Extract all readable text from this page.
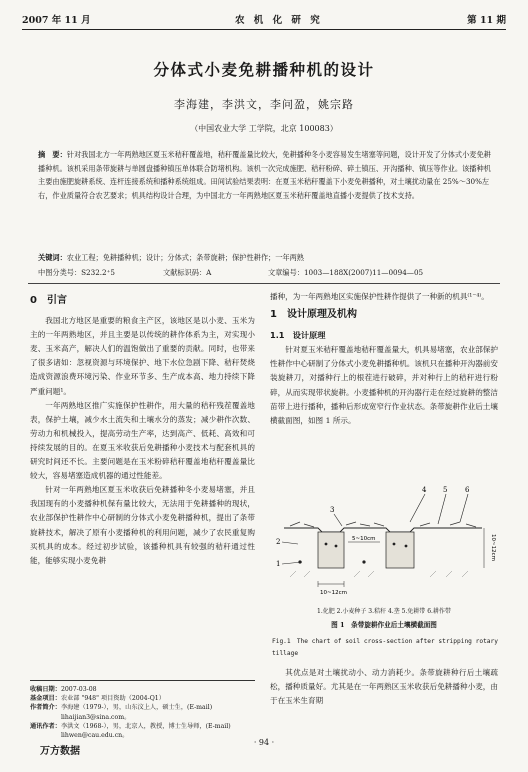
2007 年 11 月	农 机 化 研 究	第 11 期
分体式小麦免耕播种机的设计
李海建，李洪文，李问盈，姚宗路
（中国农业大学 工学院，北京 100083）
摘　要：针对我国北方一年两熟地区夏玉米秸秆覆盖地，秸秆覆盖量比较大，免耕播种冬小麦容易发生堵塞等问题，设计开发了分体式小麦免耕播种机。该机采用条带旋耕与单圆盘播种镇压单体联合防堵机构。该机一次完成施肥、秸秆粉碎、碎土镇压、开沟播种、镇压等作业。该播种机主要由施肥旋耕系统、连杆连接系统和播种系统组成。田间试验结果表明：在夏玉米秸秆覆盖下小麦免耕播种，对土壤扰动量在 25%～30%左右，作业质量符合农艺要求；机具结构设计合理，为中国北方一年两熟地区夏玉米秸秆覆盖地直播小麦提供了技术支持。
关键词：农业工程；免耕播种机；设计；分体式；条带旋耕；保护性耕作；一年两熟
中图分类号：S232.2⁺5	文献标识码：A	文章编号：1003—188X(2007)11—0094—05
0　引言

我国北方地区是重要的粮食主产区，该地区是以小麦、玉米为主的一年两熟地区，并且主要是以传统的耕作体系为主，对实现小麦、玉米高产，解决人们的温饱做出了重要的贡献。同时，也带来了很多诸如：忽视资源与环境保护、地下水位急剧下降、秸秆焚烧造成资源浪费环境污染、作业环节多、生产成本高、地力持续下降严重问题¹。

一年两熟地区推广实施保护性耕作，用大量的秸秆残茬覆盖地表，保护土壤，减少水土流失和土壤水分的蒸发；减少耕作次数、劳动力和机械投入，提高劳动生产率，达到高产、低耗、高效和可持续发展的目的。在夏玉米收获后免耕播种小麦技术与配套机具的研究时间还不长。主要问题是在玉米粉碎秸秆覆盖地秸秆覆盖量比较大，容易堵塞造成机器的通过性能差。

针对一年两熟地区夏玉米收获后免耕播种冬小麦易堵塞，并且我国现有的小麦播种机保有量比较大，无法用于免耕播种的现状，农业部保护性耕作中心研制的分体式小麦免耕播种机，提出了条带旋耕技术，解决了原有小麦播种机的利用问题，减少了农民重复购买机具的成本。经过初步试验，该播种机具有较强的秸秆通过性能，能够实现小麦免耕

播种，为一年两熟地区实施保护性耕作提供了一种新的机具⁽¹⁻⁴⁾。

1　设计原理及机构
1.1　设计原理

针对夏玉米秸秆覆盖地秸秆覆盖量大，机具易堵塞，农业部保护性耕作中心研制了分体式小麦免耕播种机。该机只在播种开沟器前安装旋耕刀，对播种行上的根茬进行破碎，并对种行上的秸秆进行粉碎，从而实现带状旋耕。小麦播种机的开沟器行走在经过旋耕的整洁苗带上进行播种，播种后形成宽窄行作业状态。条带旋耕作业后土壤横截面图，如图 1 所示。

4 5	6
3
2
1
10~12cm
5~10cm	10~12cm
1.化肥 2.小麦种子 3.秸秆 4.垄 5.免耕带 6.耕作带
图 1　条带旋耕作业后土壤横截面图
Fig.1　The chart of soil cross-section after stripping rotary tillage

其优点是对土壤扰动小、动力消耗少。条带旋耕种行后土壤疏松，播种质量好。尤其是在一年两熟区玉米收获后免耕播种小麦，由于在玉米生育期

收稿日期： 2007-03-08
基金项目： 农业部 "948" 项目资助（2004-Q1）
作者简介： 李海建（1979-），男，山东汶上人，硕士生，(E-mail) lihaijian3@sina.com。
通讯作者： 李洪文（1968-），男，北京人，教授，博士生导师，(E-mail) lihwen@cau.edu.cn。
· 94 ·
万方数据
